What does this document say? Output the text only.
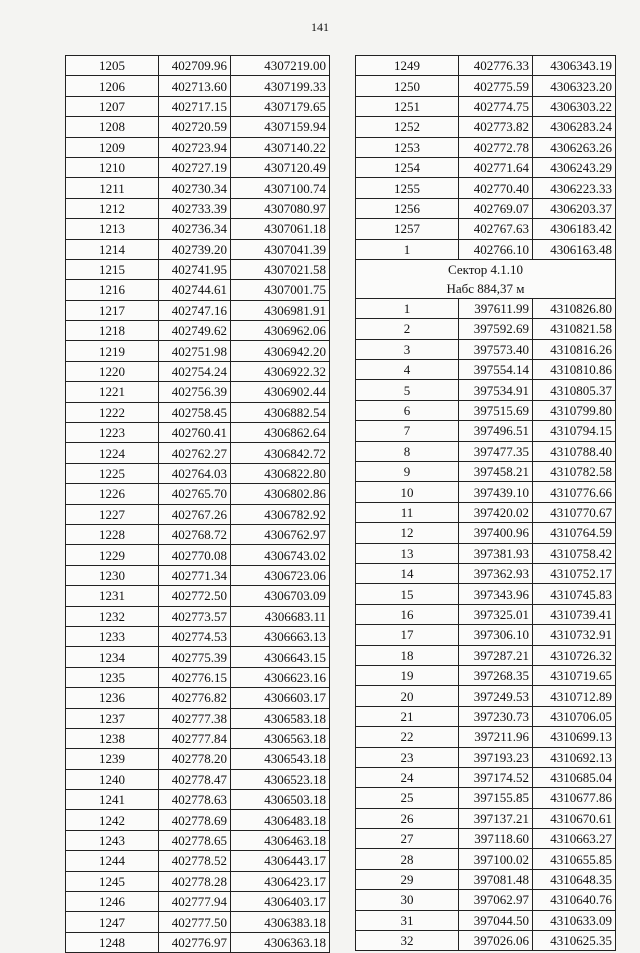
141
1205	402709.96	4307219.00
1206	402713.60	4307199.33
1207	402717.15	4307179.65
1208	402720.59	4307159.94
1209	402723.94	4307140.22
1210	402727.19	4307120.49
1211	402730.34	4307100.74
1212	402733.39	4307080.97
1213	402736.34	4307061.18
1214	402739.20	4307041.39
1215	402741.95	4307021.58
1216	402744.61	4307001.75
1217	402747.16	4306981.91
1218	402749.62	4306962.06
1219	402751.98	4306942.20
1220	402754.24	4306922.32
1221	402756.39	4306902.44
1222	402758.45	4306882.54
1223	402760.41	4306862.64
1224	402762.27	4306842.72
1225	402764.03	4306822.80
1226	402765.70	4306802.86
1227	402767.26	4306782.92
1228	402768.72	4306762.97
1229	402770.08	4306743.02
1230	402771.34	4306723.06
1231	402772.50	4306703.09
1232	402773.57	4306683.11
1233	402774.53	4306663.13
1234	402775.39	4306643.15
1235	402776.15	4306623.16
1236	402776.82	4306603.17
1237	402777.38	4306583.18
1238	402777.84	4306563.18
1239	402778.20	4306543.18
1240	402778.47	4306523.18
1241	402778.63	4306503.18
1242	402778.69	4306483.18
1243	402778.65	4306463.18
1244	402778.52	4306443.17
1245	402778.28	4306423.17
1246	402777.94	4306403.17
1247	402777.50	4306383.18
1248	402776.97	4306363.18
1249	402776.33	4306343.19
1250	402775.59	4306323.20
1251	402774.75	4306303.22
1252	402773.82	4306283.24
1253	402772.78	4306263.26
1254	402771.64	4306243.29
1255	402770.40	4306223.33
1256	402769.07	4306203.37
1257	402767.63	4306183.42
1	402766.10	4306163.48

Сектор 4.1.10
Набс 884,37 м		

1	397611.99	4310826.80
2	397592.69	4310821.58
3	397573.40	4310816.26
4	397554.14	4310810.86
5	397534.91	4310805.37
6	397515.69	4310799.80
7	397496.51	4310794.15
8	397477.35	4310788.40
9	397458.21	4310782.58
10	397439.10	4310776.66
11	397420.02	4310770.67
12	397400.96	4310764.59
13	397381.93	4310758.42
14	397362.93	4310752.17
15	397343.96	4310745.83
16	397325.01	4310739.41
17	397306.10	4310732.91
18	397287.21	4310726.32
19	397268.35	4310719.65
20	397249.53	4310712.89
21	397230.73	4310706.05
22	397211.96	4310699.13
23	397193.23	4310692.13
24	397174.52	4310685.04
25	397155.85	4310677.86
26	397137.21	4310670.61
27	397118.60	4310663.27
28	397100.02	4310655.85
29	397081.48	4310648.35
30	397062.97	4310640.76
31	397044.50	4310633.09
32	397026.06	4310625.35
